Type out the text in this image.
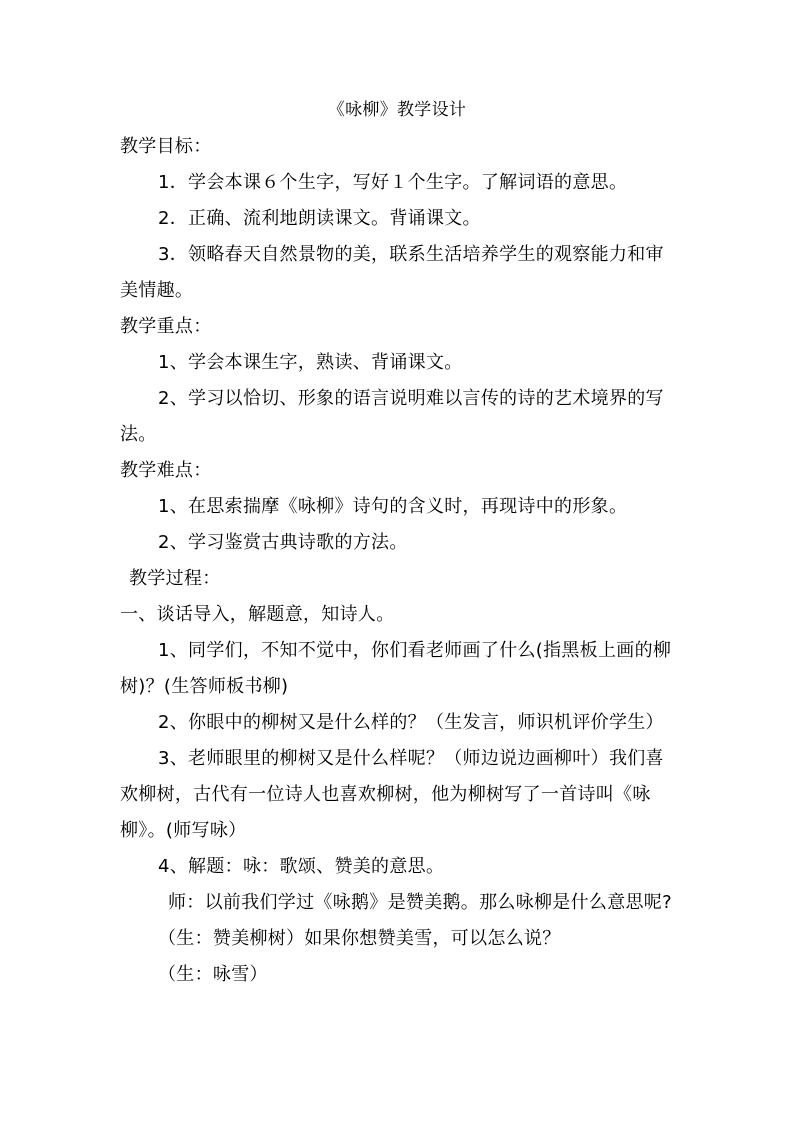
《咏柳》教学设计
教学目标：
1．学会本课６个生字，写好１个生字。了解词语的意思。
2．正确、流利地朗读课文。背诵课文。
3．领略春天自然景物的美，联系生活培养学生的观察能力和审
美情趣。
教学重点：
1、学会本课生字，熟读、背诵课文。
2、学习以恰切、形象的语言说明难以言传的诗的艺术境界的写
法。
教学难点：
1、在思索揣摩《咏柳》诗句的含义时，再现诗中的形象。
2、学习鉴赏古典诗歌的方法。
教学过程：
一、谈话导入，解题意，知诗人。
1、同学们，不知不觉中，你们看老师画了什么(指黑板上画的柳
树)？(生答师板书柳)
2、你眼中的柳树又是什么样的？（生发言，师识机评价学生）
3、老师眼里的柳树又是什么样呢？（师边说边画柳叶）我们喜
欢柳树，古代有一位诗人也喜欢柳树，他为柳树写了一首诗叫《咏
柳》。(师写咏）
4、解题：咏：歌颂、赞美的意思。
师：以前我们学过《咏鹅》是赞美鹅。那么咏柳是什么意思呢?
（生：赞美柳树）如果你想赞美雪，可以怎么说？
（生：咏雪）
